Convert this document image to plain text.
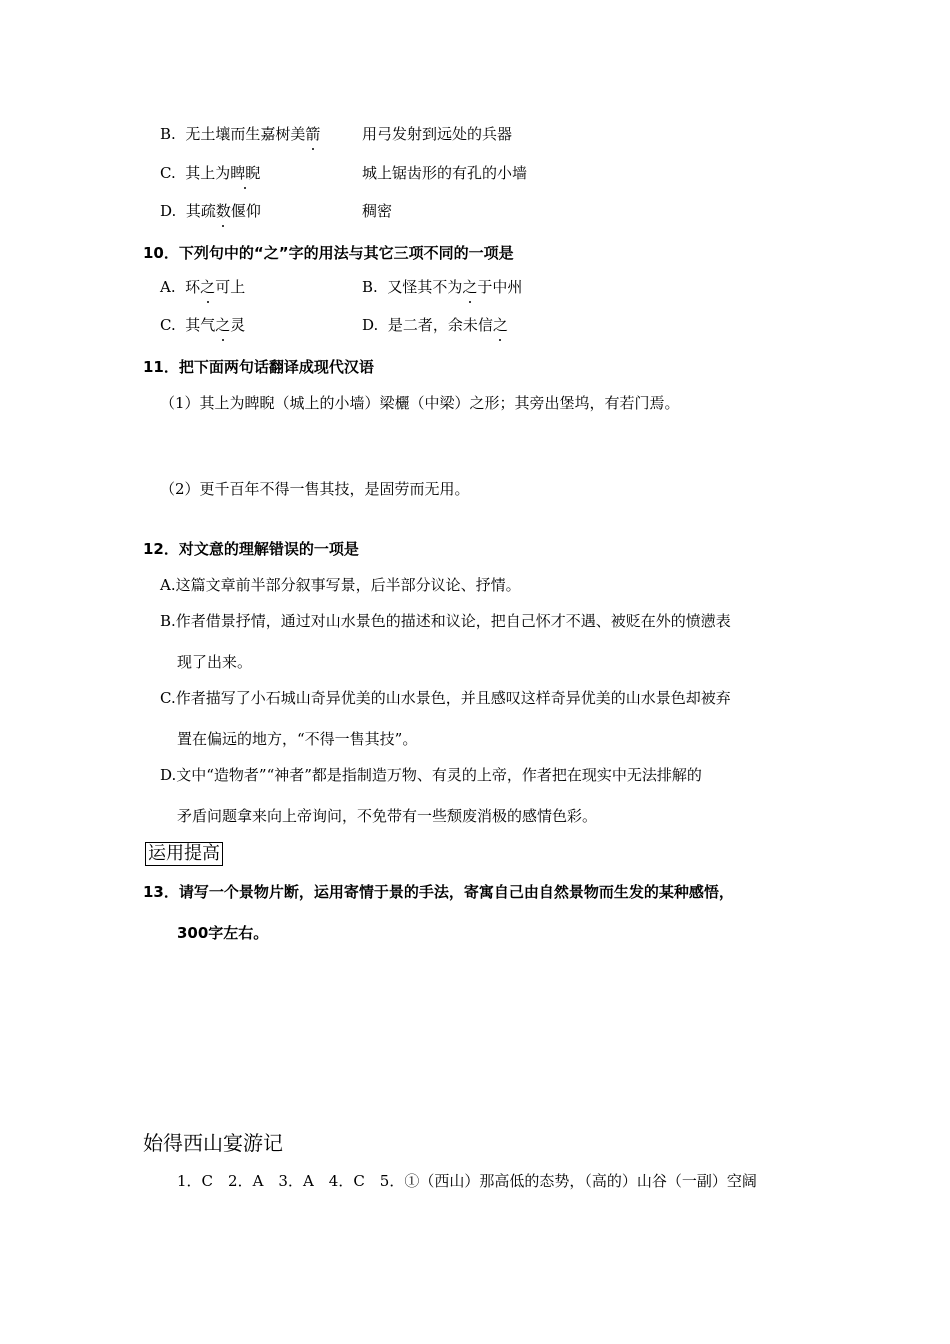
B. 无土壤而生嘉树美箭	用弓发射到远处的兵器
C. 其上为睥睨	城上锯齿形的有孔的小墙
D. 其疏数偃仰	稠密
10．下列句中的“之”字的用法与其它三项不同的一项是
A. 环之可上	B. 又怪其不为之于中州
C. 其气之灵	D. 是二者，余未信之
11．把下面两句话翻译成现代汉语
（1）其上为睥睨（城上的小墙）梁欐（中梁）之形；其旁出堡坞，有若门焉。
（2）更千百年不得一售其技，是固劳而无用。
12．对文意的理解错误的一项是
A.这篇文章前半部分叙事写景，后半部分议论、抒情。
B.作者借景抒情，通过对山水景色的描述和议论，把自己怀才不遇、被贬在外的愤懑表
现了出来。
C.作者描写了小石城山奇异优美的山水景色，并且感叹这样奇异优美的山水景色却被弃
置在偏远的地方，“不得一售其技”。
D.文中“造物者”“神者”都是指制造万物、有灵的上帝，作者把在现实中无法排解的
矛盾问题拿来向上帝询问，不免带有一些颓废消极的感情色彩。
运用提高
13．请写一个景物片断，运用寄情于景的手法，寄寓自己由自然景物而生发的某种感悟，
300字左右。
始得西山宴游记
1．C　2．A　3．A　4．C　5．①（西山）那高低的态势，（高的）山谷（一副）空阔
